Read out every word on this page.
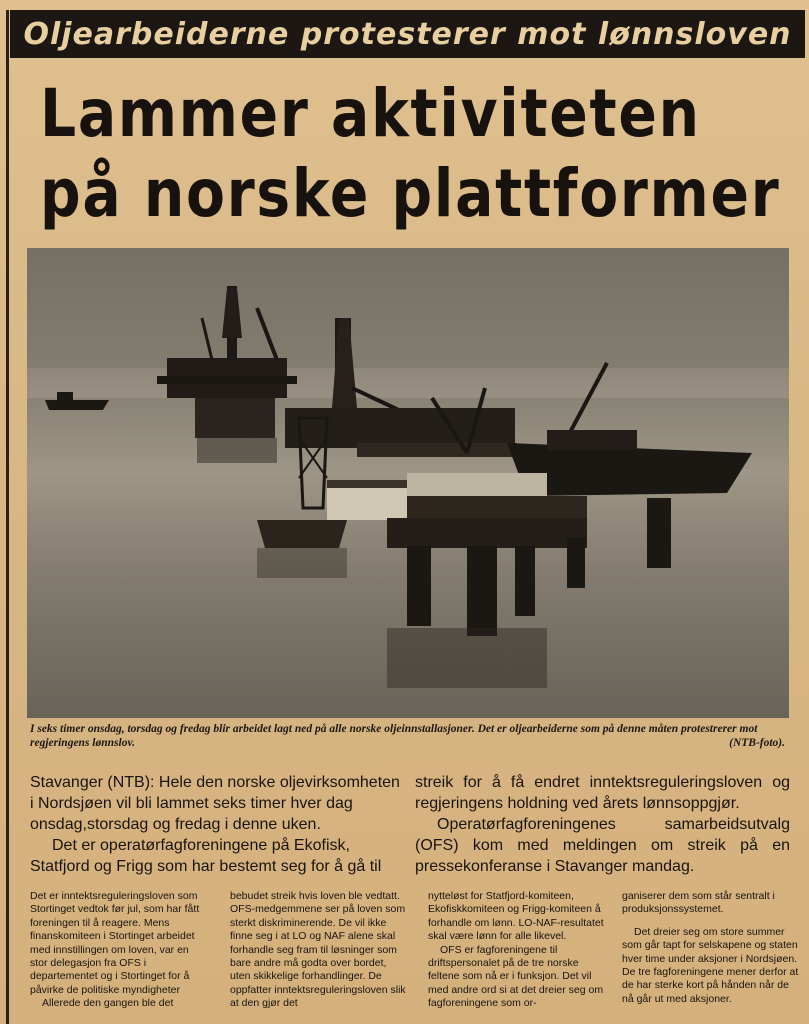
Oljearbeiderne protesterer mot lønnsloven
Lammer aktiviteten
på norske plattformer
I seks timer onsdag, torsdag og fredag blir arbeidet lagt ned på alle norske oljeinnstallasjoner. Det er oljearbeiderne som på denne måten protestrerer mot regjeringens lønnslov.	(NTB-foto).

Stavanger (NTB): Hele den norske oljevirksomheten i Nordsjøen vil bli lammet seks timer hver dag onsdag,storsdag og fredag i denne uken.

Det er operatørfagforeningene på Ekofisk, Statfjord og Frigg som har bestemt seg for å gå til

streik for å få endret inntektsreguleringsloven og regjeringens holdning ved årets lønnsoppgjør.

Operatørfagforeningenes samarbeidsutvalg (OFS) kom med meldingen om streik på en pressekonferanse i Stavanger mandag.

Det er inntektsreguleringsloven som Stortinget vedtok før jul, som har fått foreningen til å reagere. Mens finanskomiteen i Stortinget arbeidet med innstillingen om loven, var en stor delegasjon fra OFS i departementet og i Stortinget for å påvirke de politiske myndigheter

Allerede den gangen ble det

bebudet streik hvis loven ble vedtatt. OFS-medgemmene ser på loven som sterkt diskriminerende. De vil ikke finne seg i at LO og NAF alene skal forhandle seg fram til løsninger som bare andre må godta over bordet, uten skikkelige forhandlinger. De oppfatter inntektsreguleringsloven slik at den gjør det

nytteløst for Statfjord-komiteen, Ekofiskkomiteen og Frigg-komiteen å forhandle om lønn. LO-NAF-resultatet skal være lønn for alle likevel.

OFS er fagforeningene til driftspersonalet på de tre norske feltene som nå er i funksjon. Det vil med andre ord si at det dreier seg om fagforeningene som or-

ganiserer dem som står sentralt i produksjonssystemet.

Det dreier seg om store summer som går tapt for selskapene og staten hver time under aksjoner i Nordsjøen. De tre fagforeningene mener derfor at de har sterke kort på hånden når de nå går ut med aksjoner.
